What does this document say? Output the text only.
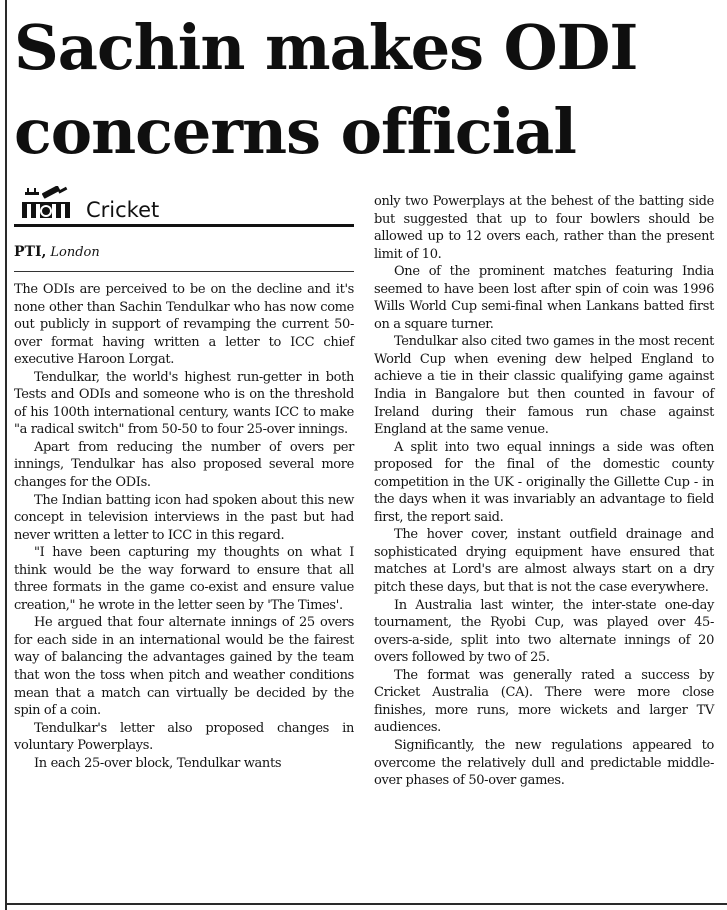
Sachin makes ODI concerns official
Cricket
PTI, London

The ODIs are perceived to be on the decline and it's none other than Sachin Tendulkar who has now come out publicly in support of revamping the current 50-over format having written a letter to ICC chief executive Haroon Lorgat.

Tendulkar, the world's highest run-getter in both Tests and ODIs and someone who is on the threshold of his 100th international century, wants ICC to make "a radical switch" from 50-50 to four 25-over innings.

Apart from reducing the number of overs per innings, Tendulkar has also proposed several more changes for the ODIs.

The Indian batting icon had spoken about this new concept in television interviews in the past but had never written a letter to ICC in this regard.

"I have been capturing my thoughts on what I think would be the way forward to ensure that all three formats in the game co-exist and ensure value creation," he wrote in the letter seen by 'The Times'.

He argued that four alternate innings of 25 overs for each side in an international would be the fairest way of balancing the advantages gained by the team that won the toss when pitch and weather conditions mean that a match can virtually be decided by the spin of a coin.

Tendulkar's letter also proposed changes in voluntary Powerplays.

In each 25-over block, Tendulkar wants

only two Powerplays at the behest of the batting side but suggested that up to four bowlers should be allowed up to 12 overs each, rather than the present limit of 10.

One of the prominent matches featuring India seemed to have been lost after spin of coin was 1996 Wills World Cup semi-final when Lankans batted first on a square turner.

Tendulkar also cited two games in the most recent World Cup when evening dew helped England to achieve a tie in their classic qualifying game against India in Bangalore but then counted in favour of Ireland during their famous run chase against England at the same venue.

A split into two equal innings a side was often proposed for the final of the domestic county competition in the UK - originally the Gillette Cup - in the days when it was invariably an advantage to field first, the report said.

The hover cover, instant outfield drainage and sophisticated drying equipment have ensured that matches at Lord's are almost always start on a dry pitch these days, but that is not the case everywhere.

In Australia last winter, the inter-state one-day tournament, the Ryobi Cup, was played over 45-overs-a-side, split into two alternate innings of 20 overs followed by two of 25.

The format was generally rated a success by Cricket Australia (CA). There were more close finishes, more runs, more wickets and larger TV audiences.

Significantly, the new regulations appeared to overcome the relatively dull and predictable middle-over phases of 50-over games.
